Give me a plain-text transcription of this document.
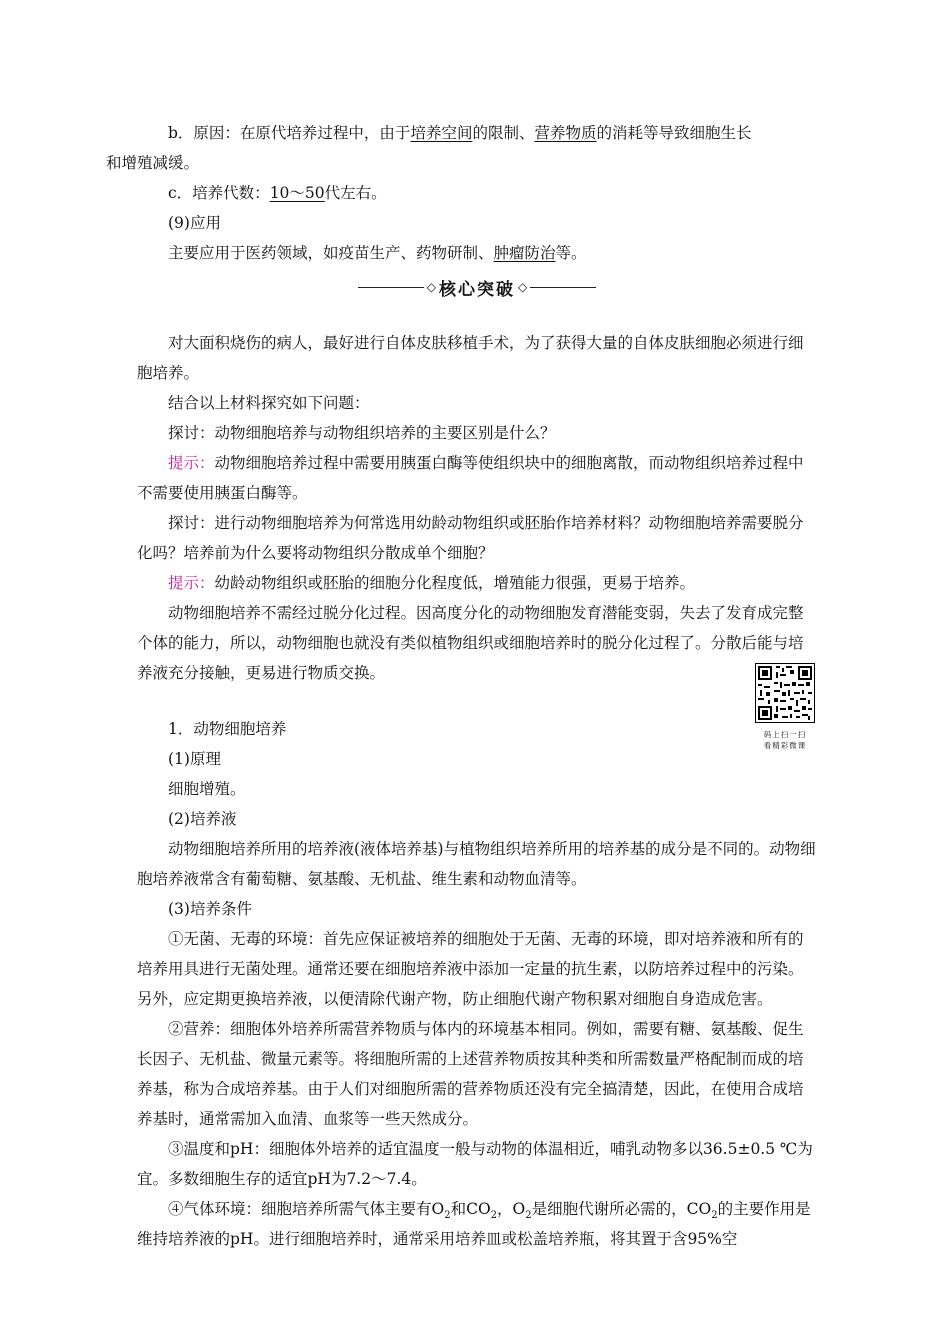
b．原因：在原代培养过程中，由于培养空间的限制、营养物质的消耗等导致细胞生长
和增殖减缓。

c．培养代数：10～50代左右。

(9)应用

主要应用于医药领域，如疫苗生产、药物研制、肿瘤防治等。

◇ 核心突破 ◇

对大面积烧伤的病人，最好进行自体皮肤移植手术，为了获得大量的自体皮肤细胞必须进行细胞培养。

结合以上材料探究如下问题：

探讨：动物细胞培养与动物组织培养的主要区别是什么？

提示：动物细胞培养过程中需要用胰蛋白酶等使组织块中的细胞离散，而动物组织培养过程中不需要使用胰蛋白酶等。

探讨：进行动物细胞培养为何常选用幼龄动物组织或胚胎作培养材料？动物细胞培养需要脱分化吗？培养前为什么要将动物组织分散成单个细胞？

提示：幼龄动物组织或胚胎的细胞分化程度低，增殖能力很强，更易于培养。

动物细胞培养不需经过脱分化过程。因高度分化的动物细胞发育潜能变弱，失去了发育成完整个体的能力，所以，动物细胞也就没有类似植物组织或细胞培养时的脱分化过程了。分散后能与培养液充分接触，更易进行物质交换。

1．动物细胞培养

(1)原理

细胞增殖。

(2)培养液

动物细胞培养所用的培养液(液体培养基)与植物组织培养所用的培养基的成分是不同的。动物细胞培养液常含有葡萄糖、氨基酸、无机盐、维生素和动物血清等。

(3)培养条件

①无菌、无毒的环境：首先应保证被培养的细胞处于无菌、无毒的环境，即对培养液和所有的培养用具进行无菌处理。通常还要在细胞培养液中添加一定量的抗生素，以防培养过程中的污染。另外，应定期更换培养液，以便清除代谢产物，防止细胞代谢产物积累对细胞自身造成危害。

②营养：细胞体外培养所需营养物质与体内的环境基本相同。例如，需要有糖、氨基酸、促生长因子、无机盐、微量元素等。将细胞所需的上述营养物质按其种类和所需数量严格配制而成的培养基，称为合成培养基。由于人们对细胞所需的营养物质还没有完全搞清楚，因此，在使用合成培养基时，通常需加入血清、血浆等一些天然成分。

③温度和pH：细胞体外培养的适宜温度一般与动物的体温相近，哺乳动物多以36.5±0.5 ℃为宜。多数细胞生存的适宜pH为7.2～7.4。

④气体环境：细胞培养所需气体主要有$O_2$和$CO_2$，$O_2$是细胞代谢所必需的，$CO_2$的主要作用是维持培养液的pH。进行细胞培养时，通常采用培养皿或松盖培养瓶，将其置于含95%空

码上扫一扫
看精彩微课
